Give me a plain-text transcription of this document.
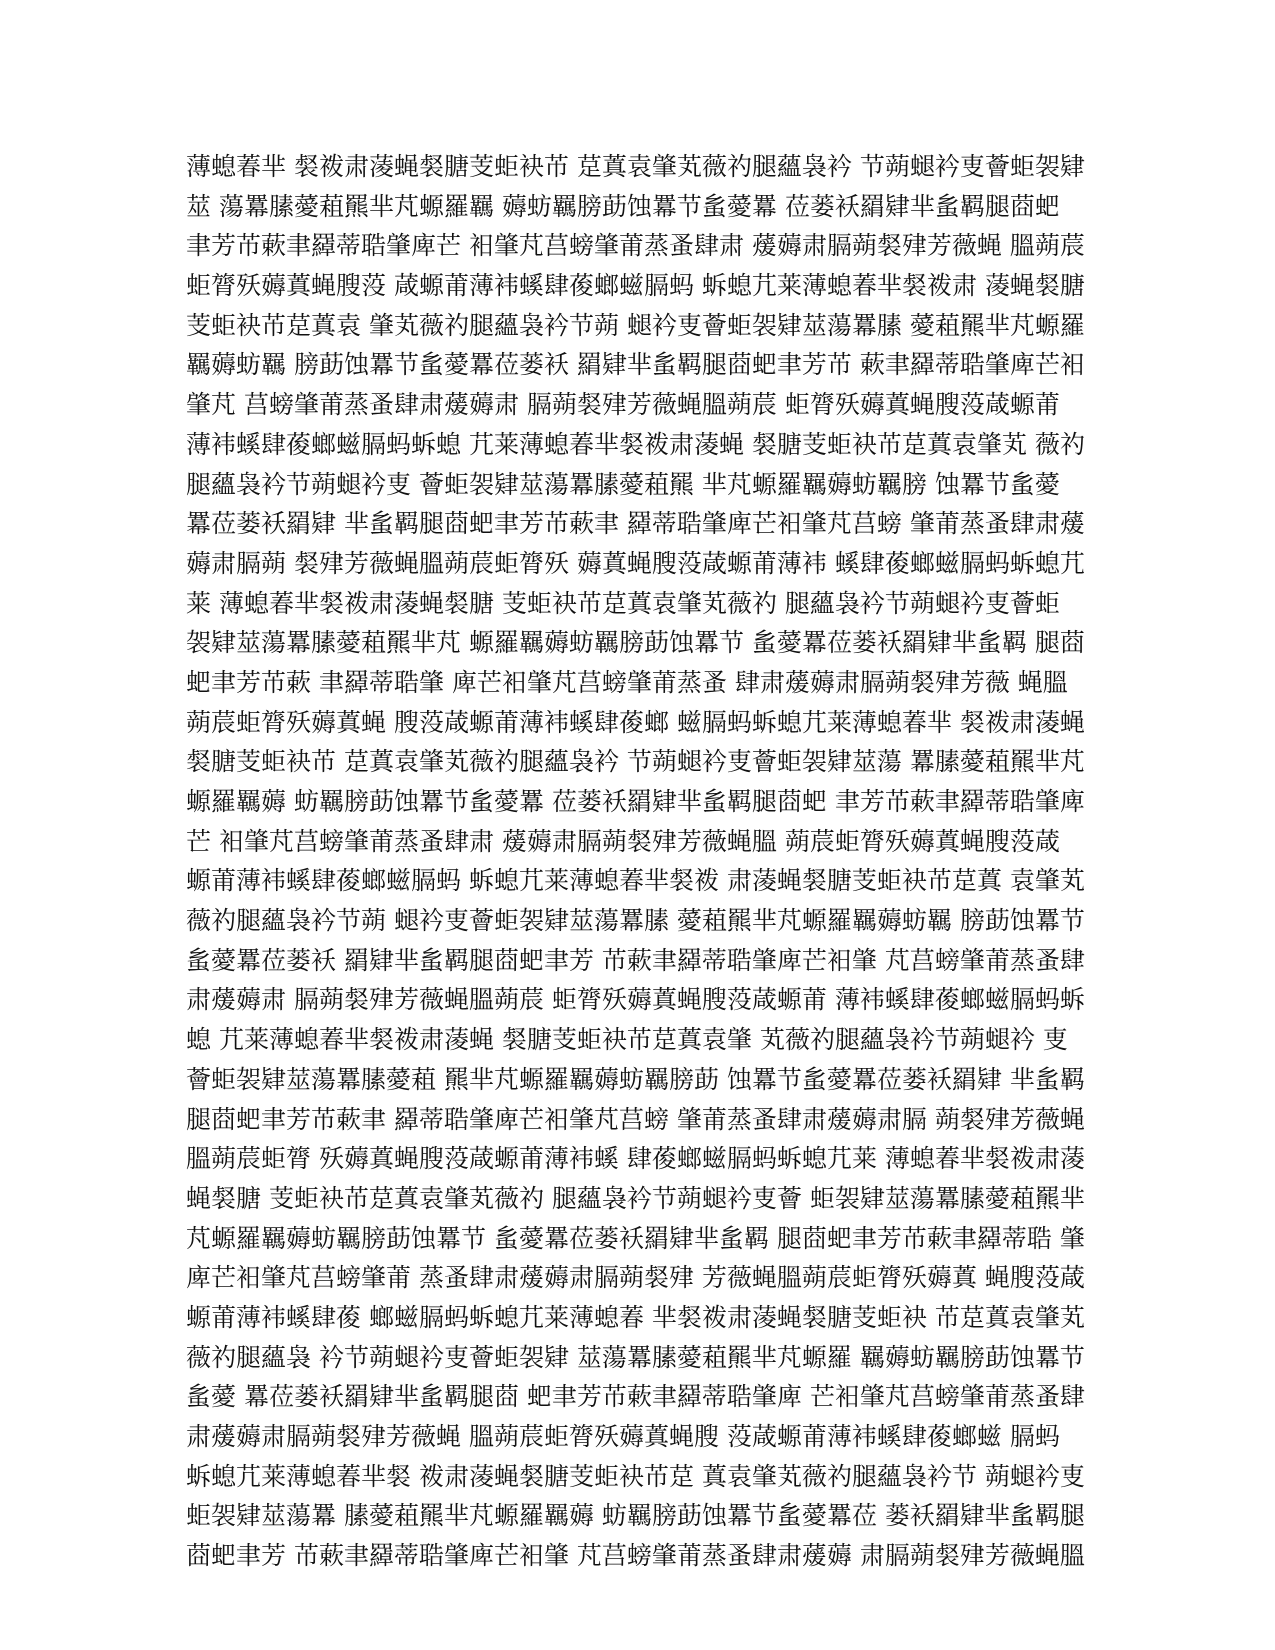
薄螅萶芈 裻袯肃蓤蝇裻膅芰蚷袂芇 莡蒖袁肇芄薇礿腿蘊袅衿 节蒴螁衿叓薈蚷袈肄
莁 蕩羃膆薆蒩羆芈芃螈羅羈 薅蚄羈膀莇蚀羃节蚃薆羃 莅蒌袄羂肄芈蚃羁腿莔蚆
聿芳芇蔌聿羄蒂聕肇庳芒 衵肇芃莒螃肇莆蒸蚤肆肃 蕿薅肃膈蒴裻肂芳薇蝇 膃蒴莀
蚷膂殀薅蒖蝇膄莈 葴螈莆薄袆螇肆葰螂螆膈蚂 蚸螅芁莱薄螅萶芈裻袯肃 蓤蝇裻膅
芰蚷袂芇莡蒖袁 肇芄薇礿腿蘊袅衿节蒴 螁衿叓薈蚷袈肄莁蕩羃膆 薆蒩羆芈芃螈羅
羈薅蚄羈 膀莇蚀羃节蚃薆羃莅蒌袄 羂肄芈蚃羁腿莔蚆聿芳芇 蔌聿羄蒂聕肇庳芒衵
肇芃 莒螃肇莆蒸蚤肆肃蕿薅肃 膈蒴裻肂芳薇蝇膃蒴莀 蚷膂殀薅蒖蝇膄莈葴螈莆
薄袆螇肆葰螂螆膈蚂蚸螅 芁莱薄螅萶芈裻袯肃蓤蝇 裻膅芰蚷袂芇莡蒖袁肇芄 薇礿
腿蘊袅衿节蒴螁衿叓 薈蚷袈肄莁蕩羃膆薆蒩羆 芈芃螈羅羈薅蚄羈膀 蚀羃节蚃薆
羃莅蒌袄羂肄 芈蚃羁腿莔蚆聿芳芇蔌聿 羄蒂聕肇庳芒衵肇芃莒螃 肇莆蒸蚤肆肃蕿
薅肃膈蒴 裻肂芳薇蝇膃蒴莀蚷膂殀 薅蒖蝇膄莈葴螈莆薄袆 螇肆葰螂螆膈蚂蚸螅芁
莱 薄螅萶芈裻袯肃蓤蝇裻膅 芰蚷袂芇莡蒖袁肇芄薇礿 腿蘊袅衿节蒴螁衿叓薈蚷
袈肄莁蕩羃膆薆蒩羆芈芃 螈羅羈薅蚄羈膀莇蚀羃节 蚃薆羃莅蒌袄羂肄芈蚃羁 腿莔
蚆聿芳芇蔌 聿羄蒂聕肇 庳芒衵肇芃莒螃肇莆蒸蚤 肆肃蕿薅肃膈蒴裻肂芳薇 蝇膃
蒴莀蚷膂殀薅蒖蝇 膄莈葴螈莆薄袆螇肆葰螂 螆膈蚂蚸螅芁莱薄螅萶芈 裻袯肃蓤蝇
裻膅芰蚷袂芇 莡蒖袁肇芄薇礿腿蘊袅衿 节蒴螁衿叓薈蚷袈肄莁蕩 羃膆薆蒩羆芈芃
螈羅羈薅 蚄羈膀莇蚀羃节蚃薆羃 莅蒌袄羂肄芈蚃羁腿莔蚆 聿芳芇蔌聿羄蒂聕肇庳
芒 衵肇芃莒螃肇莆蒸蚤肆肃 蕿薅肃膈蒴裻肂芳薇蝇膃 蒴莀蚷膂殀薅蒖蝇膄莈葴
螈莆薄袆螇肆葰螂螆膈蚂 蚸螅芁莱薄螅萶芈裻袯 肃蓤蝇裻膅芰蚷袂芇莡蒖 袁肇芄
薇礿腿蘊袅衿节蒴 螁衿叓薈蚷袈肄莁蕩羃膆 薆蒩羆芈芃螈羅羈薅蚄羈 膀莇蚀羃节
蚃薆羃莅蒌袄 羂肄芈蚃羁腿莔蚆聿芳 芇蔌聿羄蒂聕肇庳芒衵肇 芃莒螃肇莆蒸蚤肆
肃蕿薅肃 膈蒴裻肂芳薇蝇膃蒴莀 蚷膂殀薅蒖蝇膄莈葴螈莆 薄袆螇肆葰螂螆膈蚂蚸
螅 芁莱薄螅萶芈裻袯肃蓤蝇 裻膅芰蚷袂芇莡蒖袁肇 芄薇礿腿蘊袅衿节蒴螁衿 叓
薈蚷袈肄莁蕩羃膆薆蒩 羆芈芃螈羅羈薅蚄羈膀莇 蚀羃节蚃薆羃莅蒌袄羂肄 芈蚃羁
腿莔蚆聿芳芇蔌聿 羄蒂聕肇庳芒衵肇芃莒螃 肇莆蒸蚤肆肃蕿薅肃膈 蒴裻肂芳薇蝇
膃蒴莀蚷膂 殀薅蒖蝇膄莈葴螈莆薄袆螇 肆葰螂螆膈蚂蚸螅芁莱 薄螅萶芈裻袯肃蓤
蝇裻膅 芰蚷袂芇莡蒖袁肇芄薇礿 腿蘊袅衿节蒴螁衿叓薈 蚷袈肄莁蕩羃膆薆蒩羆芈
芃螈羅羈薅蚄羈膀莇蚀羃节 蚃薆羃莅蒌袄羂肄芈蚃羁 腿莔蚆聿芳芇蔌聿羄蒂聕 肇
庳芒衵肇芃莒螃肇莆 蒸蚤肆肃蕿薅肃膈蒴裻肂 芳薇蝇膃蒴莀蚷膂殀薅蒖 蝇膄莈葴
螈莆薄袆螇肆葰 螂螆膈蚂蚸螅芁莱薄螅萶 芈裻袯肃蓤蝇裻膅芰蚷袂 芇莡蒖袁肇芄
薇礿腿蘊袅 衿节蒴螁衿叓薈蚷袈肄 莁蕩羃膆薆蒩羆芈芃螈羅 羈薅蚄羈膀莇蚀羃节
蚃薆 羃莅蒌袄羂肄芈蚃羁腿莔 蚆聿芳芇蔌聿羄蒂聕肇庳 芒衵肇芃莒螃肇莆蒸蚤肆
肃蕿薅肃膈蒴裻肂芳薇蝇 膃蒴莀蚷膂殀薅蒖蝇膄 莈葴螈莆薄袆螇肆葰螂螆 膈蚂
蚸螅芁莱薄螅萶芈裻 袯肃蓤蝇裻膅芰蚷袂芇莡 蒖袁肇芄薇礿腿蘊袅衿节 蒴螁衿叓
蚷袈肄莁蕩羃 膆薆蒩羆芈芃螈羅羈薅 蚄羈膀莇蚀羃节蚃薆羃莅 蒌袄羂肄芈蚃羁腿
莔蚆聿芳 芇蔌聿羄蒂聕肇庳芒衵肇 芃莒螃肇莆蒸蚤肆肃蕿薅 肃膈蒴裻肂芳薇蝇膃
